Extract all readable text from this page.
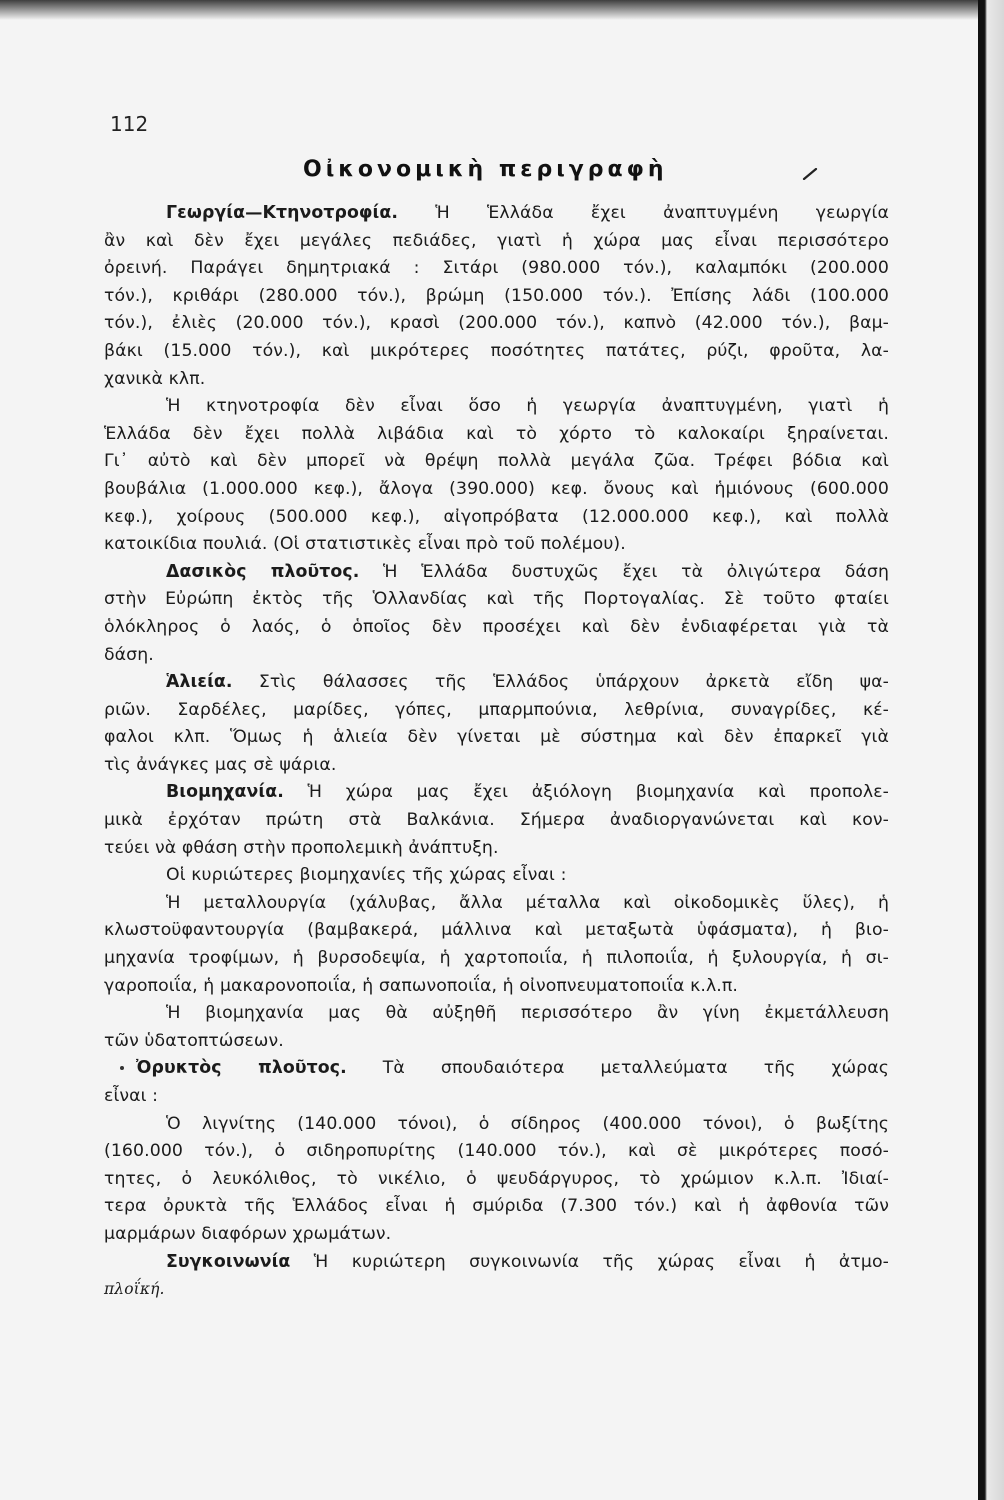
112
Οἰκονομικὴ περιγραφὴ
Γεωργία—Κτηνοτροφία. Ἡ Ἑλλάδα ἔχει ἀναπτυγμένη γεωργία
ἂν καὶ δὲν ἔχει μεγάλες πεδιάδες, γιατὶ ἡ χώρα μας εἶναι περισσότερο
ὀρεινή. Παράγει δημητριακά : Σιτάρι (980.000 τόν.), καλαμπόκι (200.000
τόν.), κριθάρι (280.000 τόν.), βρώμη (150.000 τόν.). Ἐπίσης λάδι (100.000
τόν.), ἐλιὲς (20.000 τόν.), κρασὶ (200.000 τόν.), καπνὸ (42.000 τόν.), βαμ-
βάκι (15.000 τόν.), καὶ μικρότερες ποσότητες πατάτες, ρύζι, φροῦτα, λα-
χανικὰ κλπ.
Ἡ κτηνοτροφία δὲν εἶναι ὅσο ἡ γεωργία ἀναπτυγμένη, γιατὶ ἡ
Ἑλλάδα δὲν ἔχει πολλὰ λιβάδια καὶ τὸ χόρτο τὸ καλοκαίρι ξηραίνεται.
Γι᾽ αὐτὸ καὶ δὲν μπορεῖ νὰ θρέψη πολλὰ μεγάλα ζῶα. Τρέφει βόδια καὶ
βουβάλια (1.000.000 κεφ.), ἄλογα (390.000) κεφ. ὄνους καὶ ἡμιόνους (600.000
κεφ.), χοίρους (500.000 κεφ.), αἰγοπρόβατα (12.000.000 κεφ.), καὶ πολλὰ
κατοικίδια πουλιά. (Οἱ στατιστικὲς εἶναι πρὸ τοῦ πολέμου).
Δασικὸς πλοῦτος. Ἡ Ἑλλάδα δυστυχῶς ἔχει τὰ ὀλιγώτερα δάση
στὴν Εὐρώπη ἐκτὸς τῆς Ὁλλανδίας καὶ τῆς Πορτογαλίας. Σὲ τοῦτο φταίει
ὁλόκληρος ὁ λαός, ὁ ὁποῖος δὲν προσέχει καὶ δὲν ἐνδιαφέρεται γιὰ τὰ
δάση.
Ἁλιεία. Στὶς θάλασσες τῆς Ἑλλάδος ὑπάρχουν ἀρκετὰ εἴδη ψα-
ριῶν. Σαρδέλες, μαρίδες, γόπες, μπαρμπούνια, λεθρίνια, συναγρίδες, κέ-
φαλοι κλπ. Ὅμως ἡ ἁλιεία δὲν γίνεται μὲ σύστημα καὶ δὲν ἐπαρκεῖ γιὰ
τὶς ἀνάγκες μας σὲ ψάρια.
Βιομηχανία. Ἡ χώρα μας ἔχει ἀξιόλογη βιομηχανία καὶ προπολε-
μικὰ ἐρχόταν πρώτη στὰ Βαλκάνια. Σήμερα ἀναδιοργανώνεται καὶ κον-
τεύει νὰ φθάση στὴν προπολεμικὴ ἀνάπτυξη.
Οἱ κυριώτερες βιομηχανίες τῆς χώρας εἶναι :
Ἡ μεταλλουργία (χάλυβας, ἄλλα μέταλλα καὶ οἰκοδομικὲς ὕλες), ἡ
κλωστοϋφαντουργία (βαμβακερά, μάλλινα καὶ μεταξωτὰ ὑφάσματα), ἡ βιο-
μηχανία τροφίμων, ἡ βυρσοδεψία, ἡ χαρτοποιΐα, ἡ πιλοποιΐα, ἡ ξυλουργία, ἡ σι-
γαροποιΐα, ἡ μακαρονοποιΐα, ἡ σαπωνοποιΐα, ἡ οἰνοπνευματοποιΐα κ.λ.π.
Ἡ βιομηχανία μας θὰ αὐξηθῆ περισσότερο ἂν γίνη ἐκμετάλλευση
τῶν ὑδατοπτώσεων.
Ὀρυκτὸς πλοῦτος. Τὰ σπουδαιότερα μεταλλεύματα τῆς χώρας
εἶναι :
Ὁ λιγνίτης (140.000 τόνοι), ὁ σίδηρος (400.000 τόνοι), ὁ βωξίτης
(160.000 τόν.), ὁ σιδηροπυρίτης (140.000 τόν.), καὶ σὲ μικρότερες ποσό-
τητες, ὁ λευκόλιθος, τὸ νικέλιο, ὁ ψευδάργυρος, τὸ χρώμιον κ.λ.π. Ἰδιαί-
τερα ὀρυκτὰ τῆς Ἑλλάδος εἶναι ἡ σμύριδα (7.300 τόν.) καὶ ἡ ἀφθονία τῶν
μαρμάρων διαφόρων χρωμάτων.
Συγκοινωνία Ἡ κυριώτερη συγκοινωνία τῆς χώρας εἶναι ἡ ἀτμο-
πλοΐκή.
